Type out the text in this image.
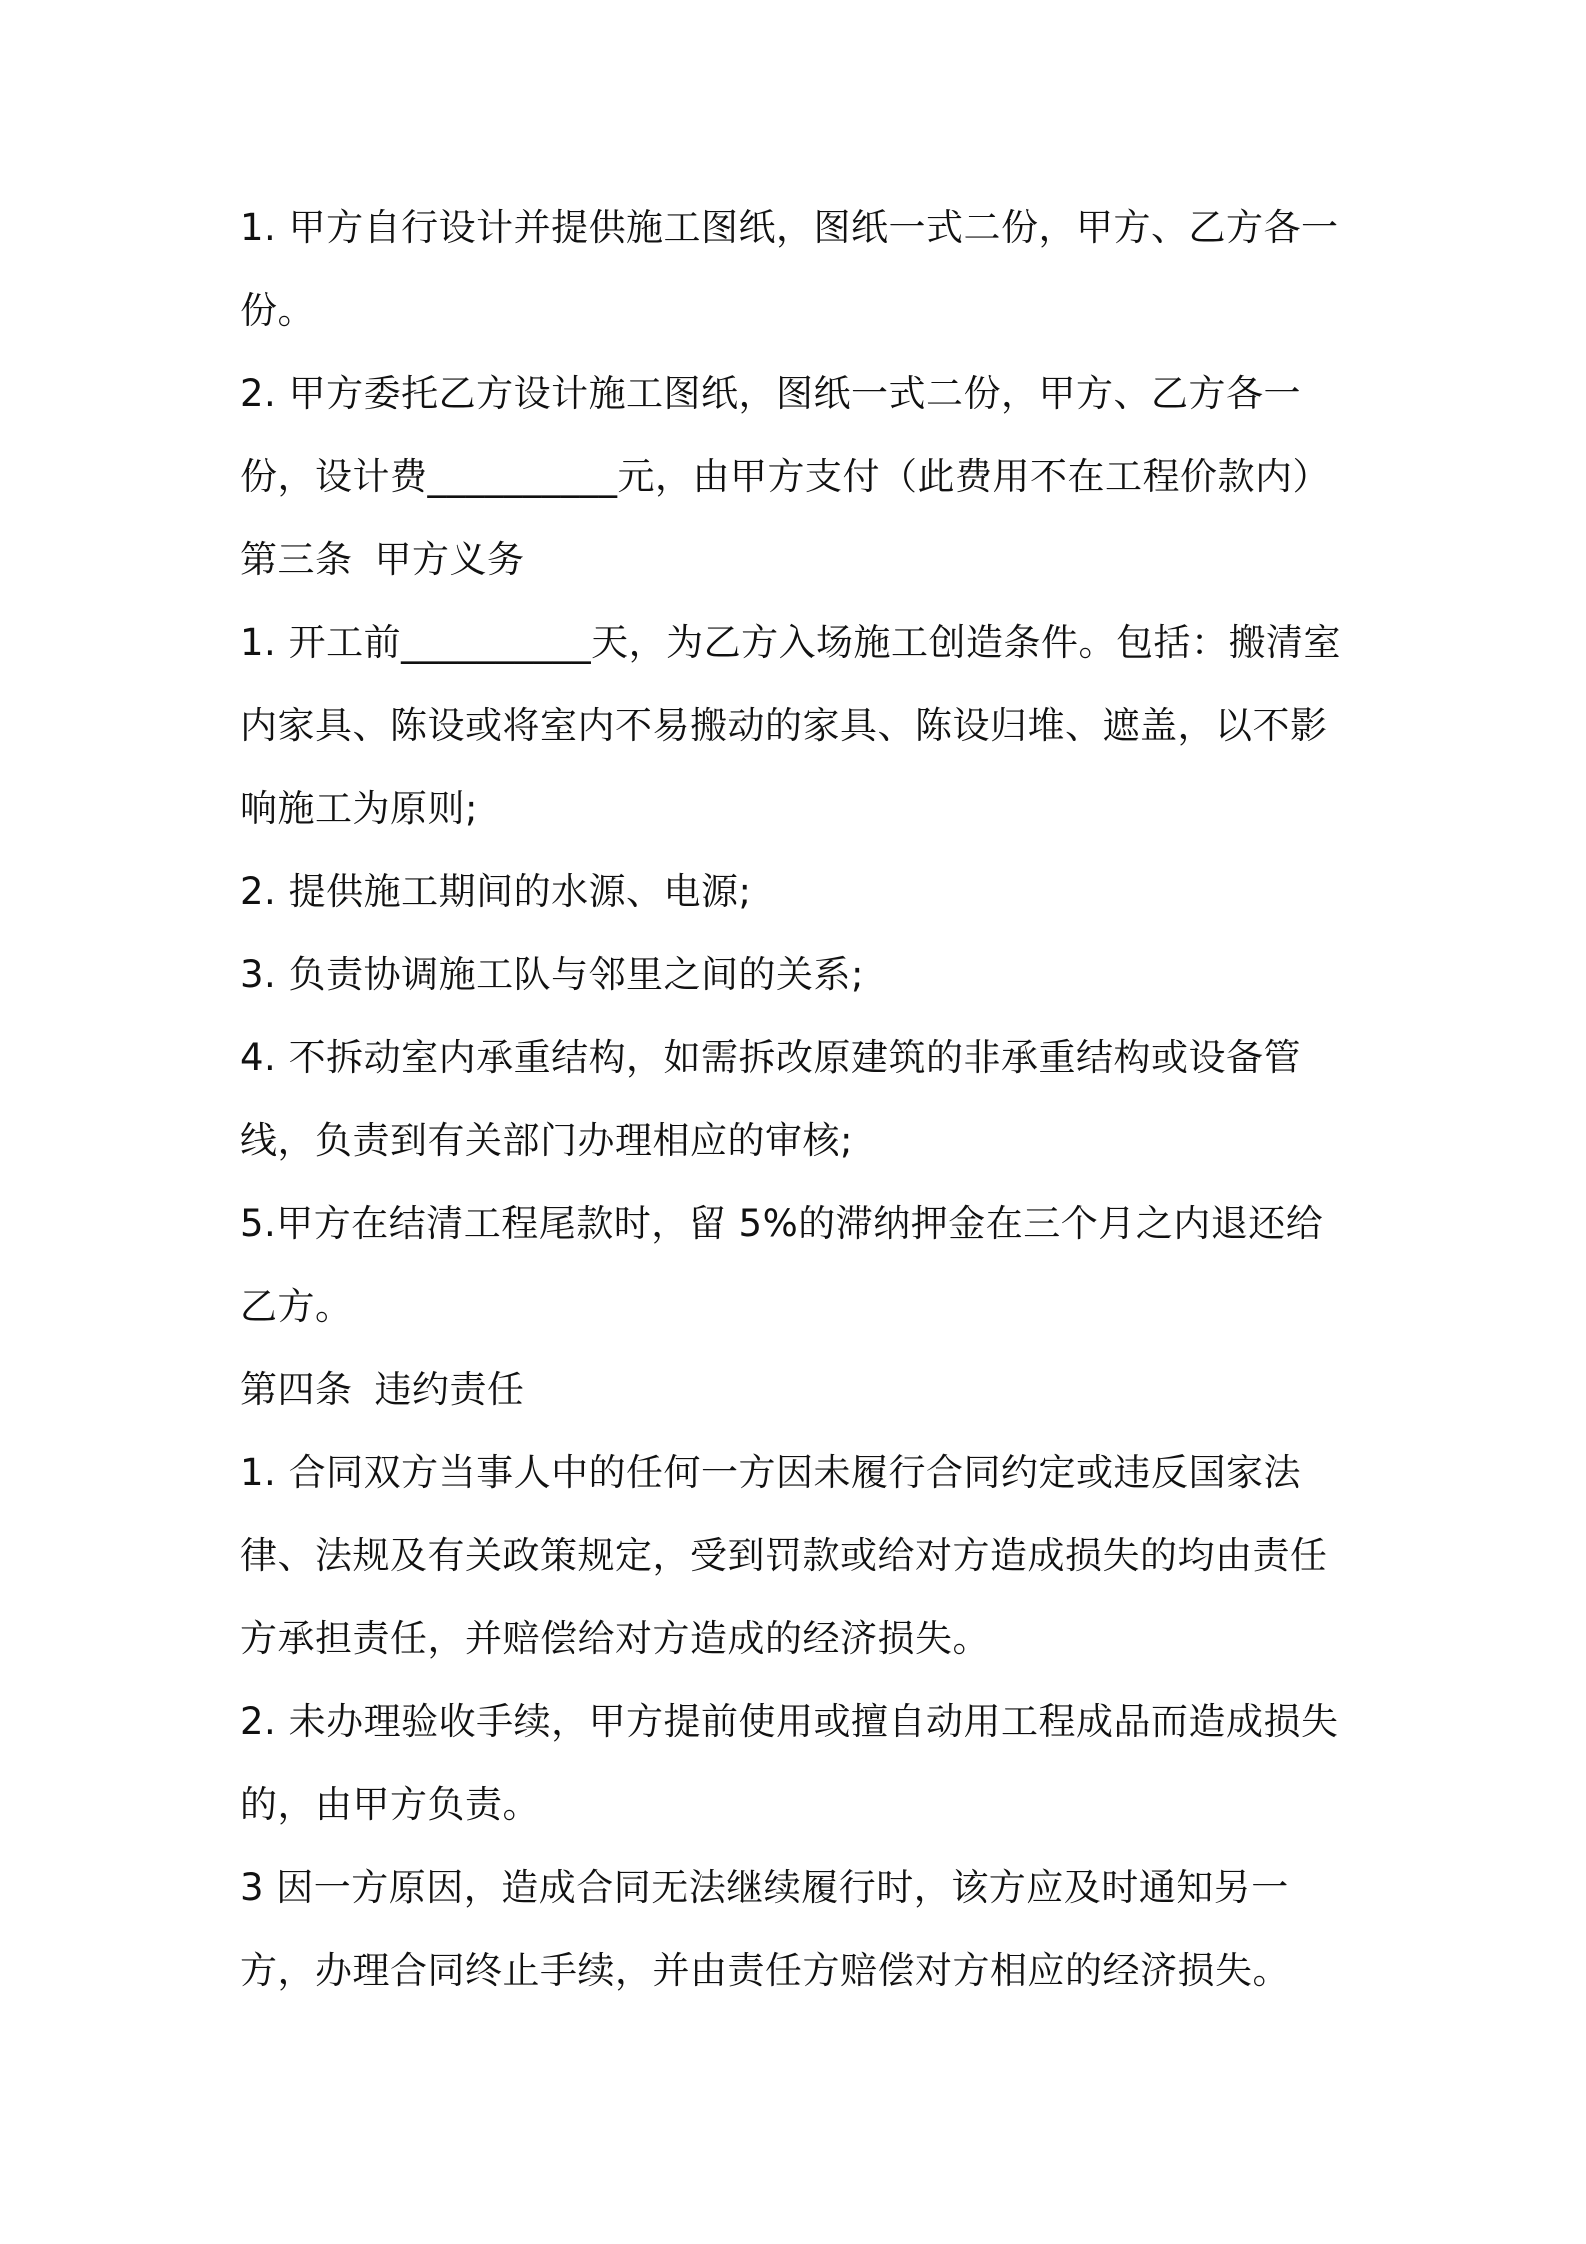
1. 甲方自行设计并提供施工图纸，图纸一式二份，甲方、乙方各一份。

2. 甲方委托乙方设计施工图纸，图纸一式二份，甲方、乙方各一份，设计费__________元，由甲方支付（此费用不在工程价款内）

第三条 甲方义务

1. 开工前__________天，为乙方入场施工创造条件。包括：搬清室内家具、陈设或将室内不易搬动的家具、陈设归堆、遮盖，以不影响施工为原则;

2. 提供施工期间的水源、电源;

3. 负责协调施工队与邻里之间的关系;

4. 不拆动室内承重结构，如需拆改原建筑的非承重结构或设备管线，负责到有关部门办理相应的审核;

5.甲方在结清工程尾款时，留 5%的滞纳押金在三个月之内退还给乙方。

第四条 违约责任

1. 合同双方当事人中的任何一方因未履行合同约定或违反国家法律、法规及有关政策规定，受到罚款或给对方造成损失的均由责任方承担责任，并赔偿给对方造成的经济损失。

2. 未办理验收手续，甲方提前使用或擅自动用工程成品而造成损失的，由甲方负责。

3 因一方原因，造成合同无法继续履行时，该方应及时通知另一方，办理合同终止手续，并由责任方赔偿对方相应的经济损失。
